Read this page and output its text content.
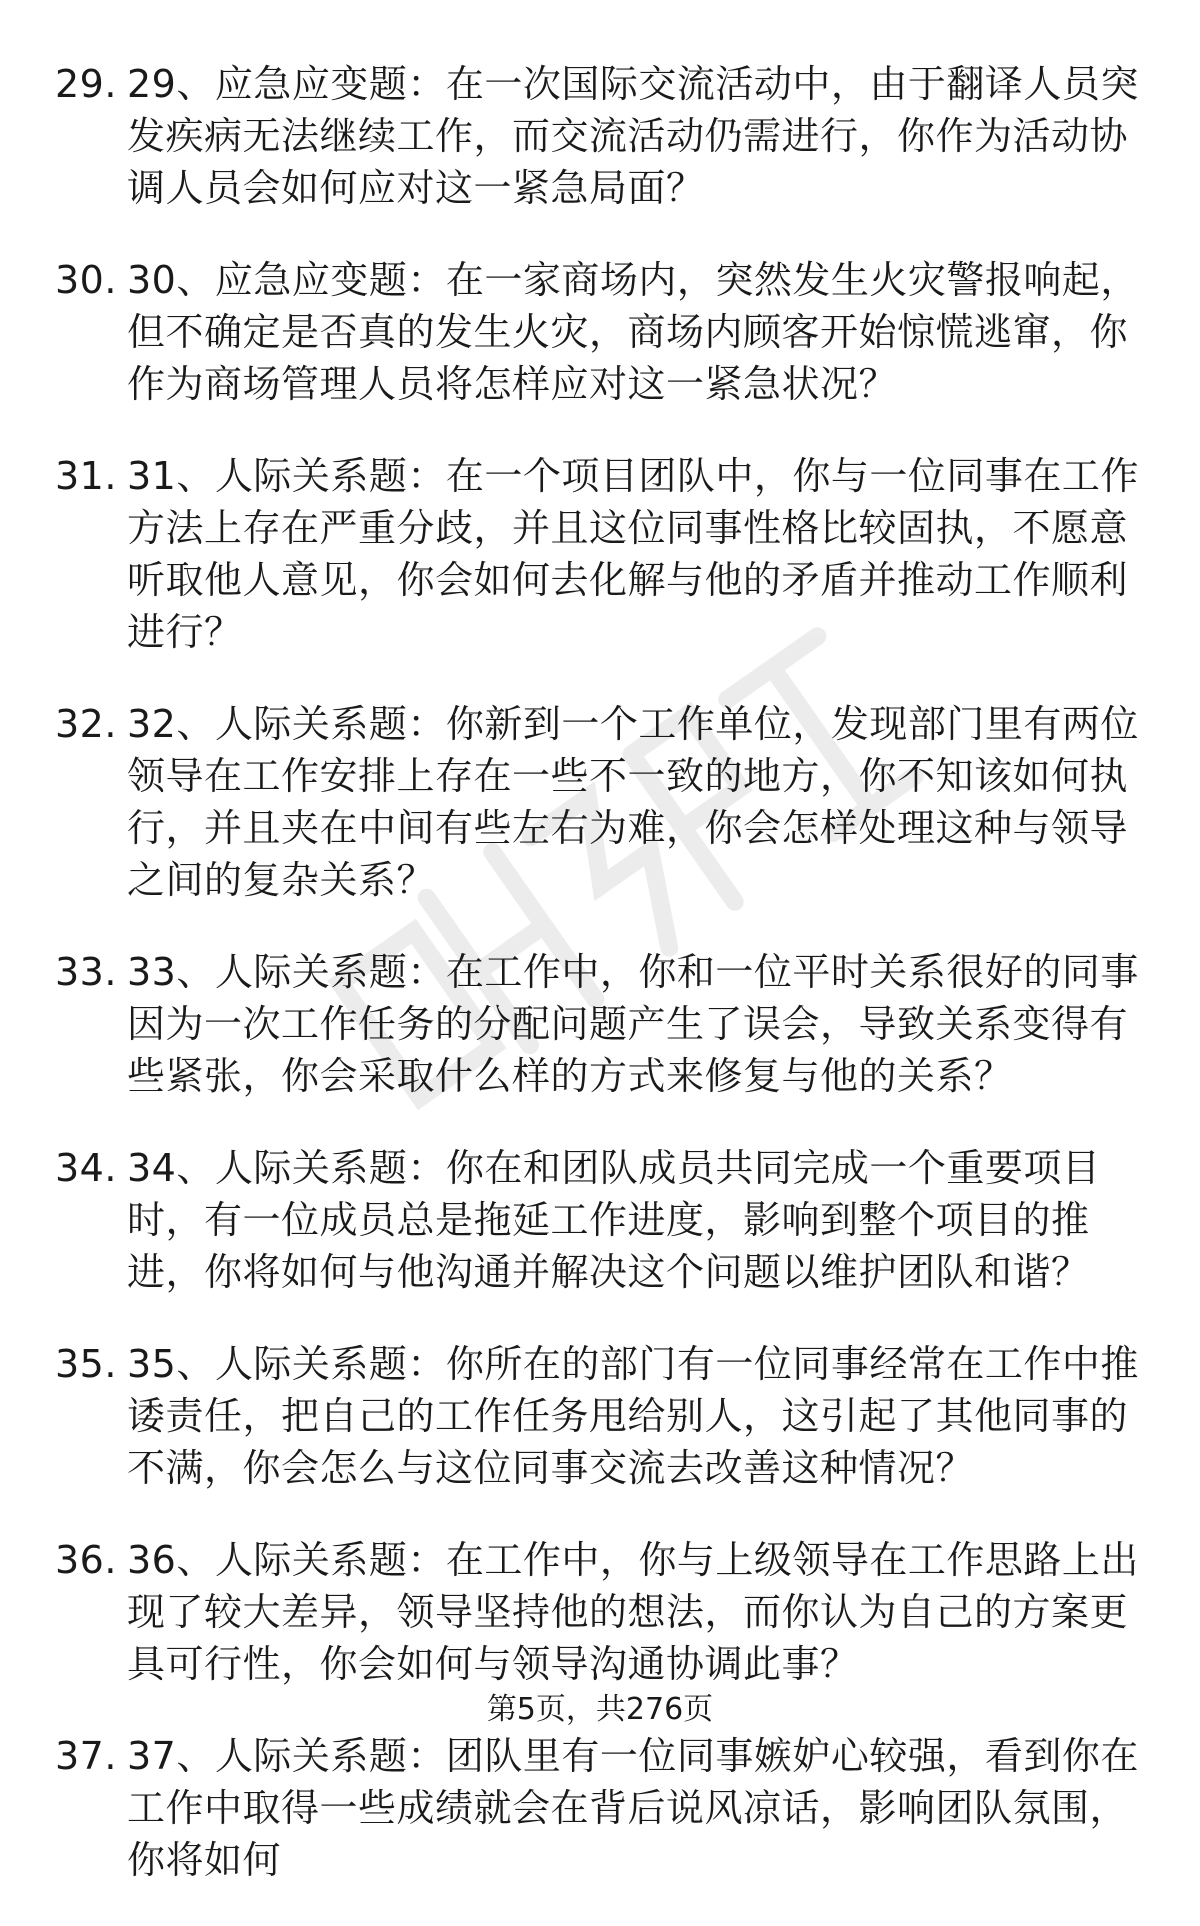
29. 29、应急应变题：在一次国际交流活动中，由于翻译人员突发疾病无法继续工作，而交流活动仍需进行，你作为活动协调人员会如何应对这一紧急局面？
30. 30、应急应变题：在一家商场内，突然发生火灾警报响起，但不确定是否真的发生火灾，商场内顾客开始惊慌逃窜，你作为商场管理人员将怎样应对这一紧急状况？
31. 31、人际关系题：在一个项目团队中，你与一位同事在工作方法上存在严重分歧，并且这位同事性格比较固执，不愿意听取他人意见，你会如何去化解与他的矛盾并推动工作顺利进行？
32. 32、人际关系题：你新到一个工作单位，发现部门里有两位领导在工作安排上存在一些不一致的地方，你不知该如何执行，并且夹在中间有些左右为难，你会怎样处理这种与领导之间的复杂关系？
33. 33、人际关系题：在工作中，你和一位平时关系很好的同事因为一次工作任务的分配问题产生了误会，导致关系变得有些紧张，你会采取什么样的方式来修复与他的关系？
34. 34、人际关系题：你在和团队成员共同完成一个重要项目时，有一位成员总是拖延工作进度，影响到整个项目的推进，你将如何与他沟通并解决这个问题以维护团队和谐？
35. 35、人际关系题：你所在的部门有一位同事经常在工作中推诿责任，把自己的工作任务甩给别人，这引起了其他同事的不满，你会怎么与这位同事交流去改善这种情况？
36. 36、人际关系题：在工作中，你与上级领导在工作思路上出现了较大差异，领导坚持他的想法，而你认为自己的方案更具可行性，你会如何与领导沟通协调此事？
37. 37、人际关系题：团队里有一位同事嫉妒心较强，看到你在工作中取得一些成绩就会在背后说风凉话，影响团队氛围，你将如何
第5页，共276页
